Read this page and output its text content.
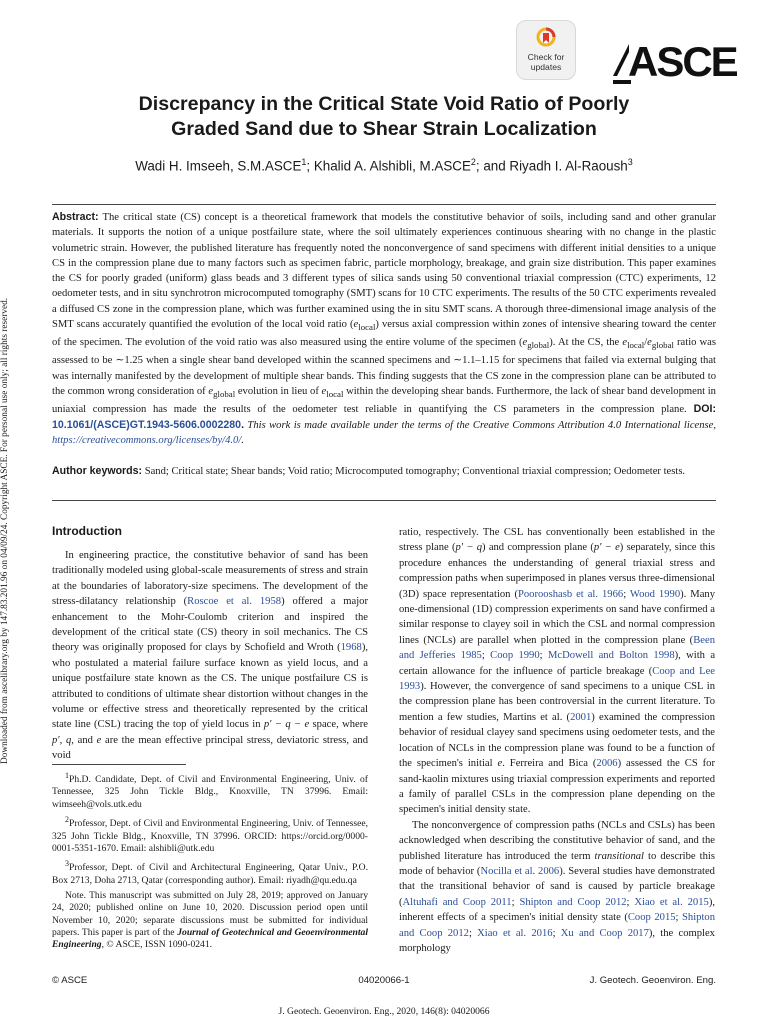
Downloaded from ascelibrary.org by 147.83.201.96 on 04/09/24. Copyright ASCE. For personal use only; all rights reserved.
Check for
updates	ASCE
Discrepancy in the Critical State Void Ratio of Poorly
Graded Sand due to Shear Strain Localization
Wadi H. Imseeh, S.M.ASCE$^1$; Khalid A. Alshibli, M.ASCE$^2$; and Riyadh I. Al-Raoush$^3$
Abstract: The critical state (CS) concept is a theoretical framework that models the constitutive behavior of soils, including sand and other granular materials. It supports the notion of a unique postfailure state, where the soil ultimately experiences continuous shearing with no change in the plastic volumetric strain. However, the published literature has frequently noted the nonconvergence of sand specimens with different initial densities to a unique CS in the compression plane due to many factors such as specimen fabric, particle morphology, breakage, and grain size distribution. This paper examines the CS for poorly graded (uniform) glass beads and 3 different types of silica sands using 50 conventional triaxial compression (CTC) experiments, 12 oedometer tests, and in situ synchrotron microcomputed tomography (SMT) scans for 10 CTC experiments. The results of the 50 CTC experiments revealed a diffused CS zone in the compression plane, which was further examined using the in situ SMT scans. A thorough three-dimensional image analysis of the SMT scans accurately quantified the evolution of the local void ratio $(e_{local})$ versus axial compression within zones of intensive shearing toward the center of the specimen. The evolution of the void ratio was also measured using the entire volume of the specimen $(e_{global})$. At the CS, the $e_{local}/e_{global}$ ratio was assessed to be ∼1.25 when a single shear band developed within the scanned specimens and ∼1.1–1.15 for specimens that failed via external bulging that was internally manifested by the development of multiple shear bands. This finding suggests that the CS zone in the compression plane can be attributed to the common wrong consideration of $e_{global}$ evolution in lieu of $e_{local}$ within the developing shear bands. Furthermore, the lack of shear band development in uniaxial compression has made the results of the oedometer test reliable in quantifying the CS parameters in the compression plane. DOI: 10.1061/(ASCE)GT.1943-5606.0002280. This work is made available under the terms of the Creative Commons Attribution 4.0 International license, https://creativecommons.org/licenses/by/4.0/.
Author keywords: Sand; Critical state; Shear bands; Void ratio; Microcomputed tomography; Conventional triaxial compression; Oedometer tests.
Introduction

In engineering practice, the constitutive behavior of sand has been traditionally modeled using global-scale measurements of stress and strain at the boundaries of laboratory-size specimens. The development of the stress-dilatancy relationship (Roscoe et al. 1958) offered a major enhancement to the Mohr-Coulomb criterion and inspired the development of the critical state (CS) theory in soil mechanics. The CS theory was originally proposed for clays by Schofield and Wroth (1968), who postulated a material failure surface known as yield locus, and a unique postfailure state known as the CS. The unique postfailure CS is attributed to conditions of ultimate shear distortion without changes in the volume or effective stress and theoretically represented by the critical state line (CSL) tracing the top of yield locus in p′ − q − e space, where p′, q, and e are the mean effective principal stress, deviatoric stress, and void

$^1$Ph.D. Candidate, Dept. of Civil and Environmental Engineering, Univ. of Tennessee, 325 John Tickle Bldg., Knoxville, TN 37996. Email: wimseeh@vols.utk.edu

$^2$Professor, Dept. of Civil and Environmental Engineering, Univ. of Tennessee, 325 John Tickle Bldg., Knoxville, TN 37996. ORCID: https://orcid.org/0000-0001-5351-1670. Email: alshibli@utk.edu

$^3$Professor, Dept. of Civil and Architectural Engineering, Qatar Univ., P.O. Box 2713, Doha 2713, Qatar (corresponding author). Email: riyadh@qu.edu.qa

Note. This manuscript was submitted on July 28, 2019; approved on January 24, 2020; published online on June 10, 2020. Discussion period open until November 10, 2020; separate discussions must be submitted for individual papers. This paper is part of the Journal of Geotechnical and Geoenvironmental Engineering, © ASCE, ISSN 1090-0241.

ratio, respectively. The CSL has conventionally been established in the stress plane (p′ − q) and compression plane (p′ − e) separately, since this procedure enhances the understanding of general triaxial stress and compression paths when superimposed in planes versus three-dimensional (3D) space representation (Poorooshasb et al. 1966; Wood 1990). Many one-dimensional (1D) compression experiments on sand have confirmed a similar response to clayey soil in which the CSL and normal compression lines (NCLs) are parallel when plotted in the compression plane (Been and Jefferies 1985; Coop 1990; McDowell and Bolton 1998), with a certain allowance for the influence of particle breakage (Coop and Lee 1993). However, the convergence of sand specimens to a unique CSL in the compression plane has been controversial in the current literature. To mention a few studies, Martins et al. (2001) examined the compression behavior of residual clayey sand specimens using oedometer tests, and the location of NCLs in the compression plane was found to be a function of the specimen's initial e. Ferreira and Bica (2006) assessed the CS for sand-kaolin mixtures using triaxial compression experiments and reported a family of parallel CSLs in the compression plane depending on the specimen's initial density state.

The nonconvergence of compression paths (NCLs and CSLs) has been acknowledged when describing the constitutive behavior of sand, and the published literature has introduced the term transitional to describe this mode of behavior (Nocilla et al. 2006). Several studies have demonstrated that the transitional behavior of sand is caused by particle breakage (Altuhafi and Coop 2011; Shipton and Coop 2012; Xiao et al. 2015), inherent effects of a specimen's initial density state (Coop 2015; Shipton and Coop 2012; Xiao et al. 2016; Xu and Coop 2017), the complex morphology

© ASCE	04020066-1	J. Geotech. Geoenviron. Eng.
J. Geotech. Geoenviron. Eng., 2020, 146(8): 04020066
